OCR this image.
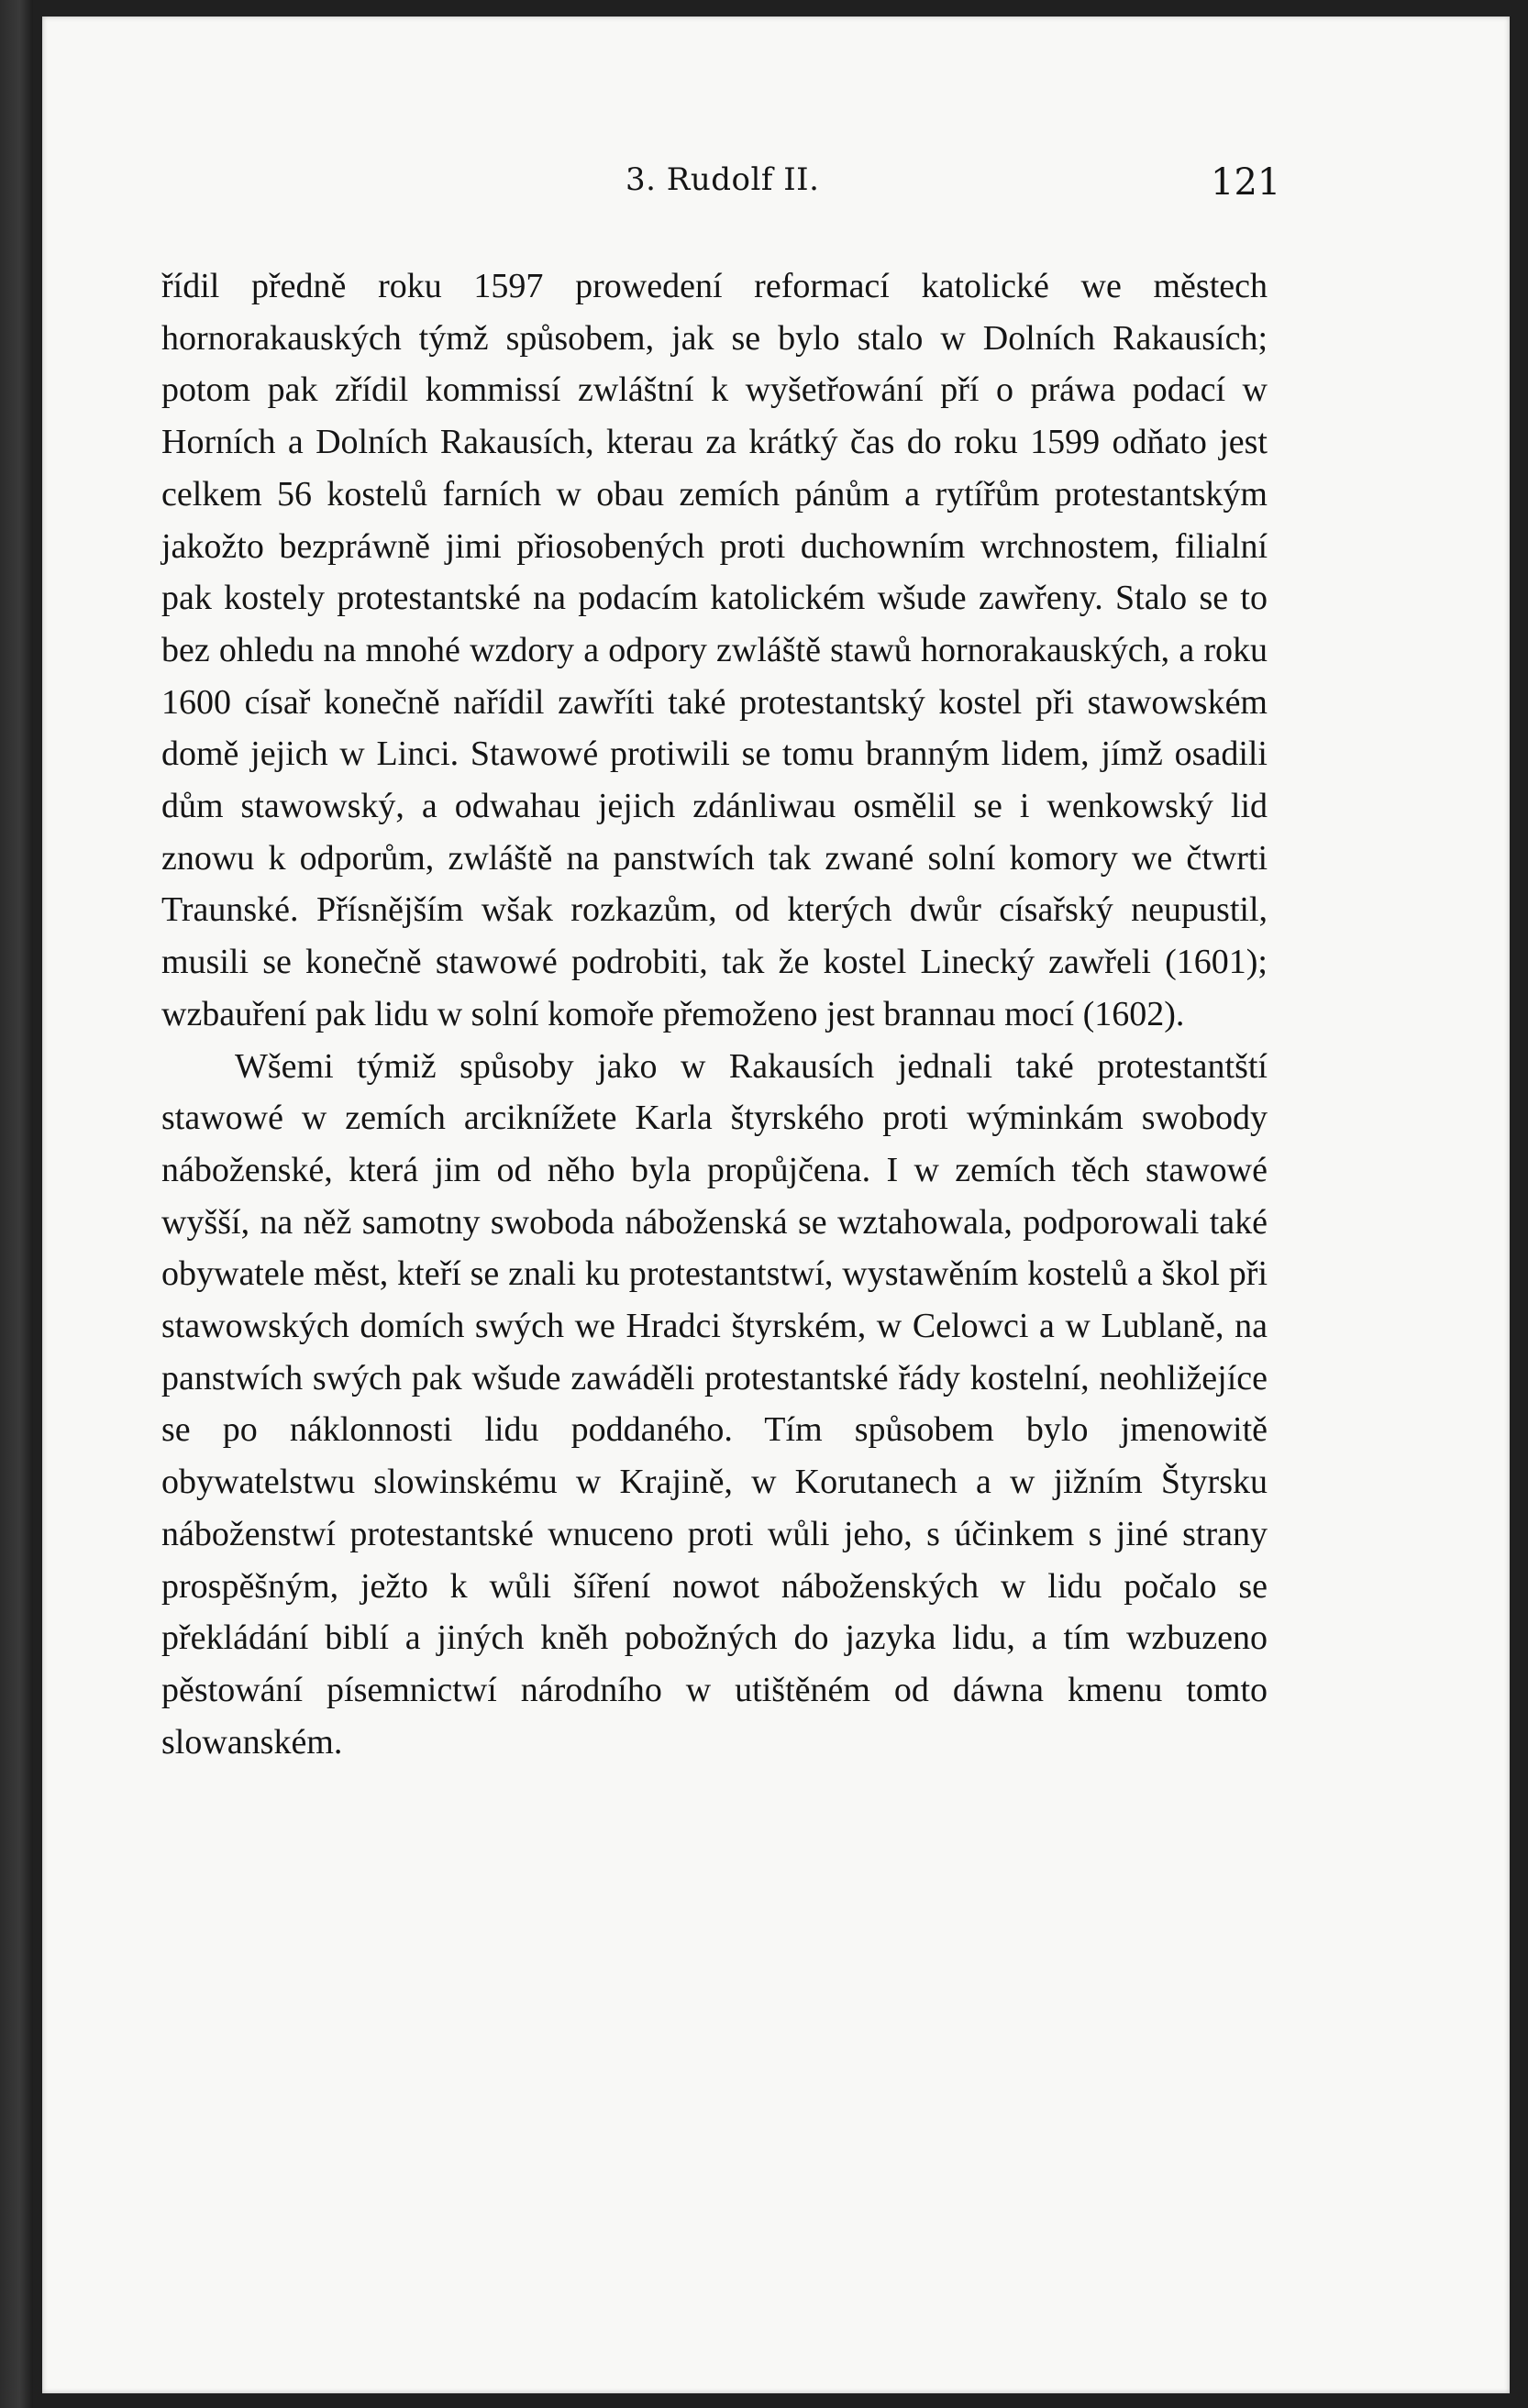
3. Rudolf II.	121

řídil předně roku 1597 prowedení reformací katolické we městech hornorakauských týmž spůsobem, jak se bylo stalo w Dolních Rakausích; potom pak zřídil kommissí zwláštní k wyšetřowání pří o práwa podací w Horních a Dolních Rakausích, kterau za krátký čas do roku 1599 odňato jest celkem 56 kostelů farních w obau zemích pánům a rytířům protestantským jakožto bezpráwně jimi přiosobených proti duchowním wrchnostem, filialní pak kostely protestantské na podacím katolickém wšude zawřeny. Stalo se to bez ohledu na mnohé wzdory a odpory zwláště stawů hornorakauských, a roku 1600 císař konečně nařídil zawříti také protestantský kostel při stawowském domě jejich w Linci. Stawowé protiwili se tomu branným lidem, jímž osadili dům stawowský, a odwahau jejich zdánliwau osmělil se i wenkowský lid znowu k odporům, zwláště na panstwích tak zwané solní komory we čtwrti Traunské. Přísnějším wšak rozkazům, od kterých dwůr císařský neupustil, musili se konečně stawowé podrobiti, tak že kostel Linecký zawřeli (1601); wzbauření pak lidu w solní komoře přemoženo jest brannau mocí (1602).

Wšemi týmiž spůsoby jako w Rakausích jednali také protestantští stawowé w zemích arciknížete Karla štyrského proti wýminkám swobody náboženské, která jim od něho byla propůjčena. I w zemích těch stawowé wyšší, na něž samotny swoboda náboženská se wztahowala, podporowali také obywatele měst, kteří se znali ku protestantstwí, wystawěním kostelů a škol při stawowských domích swých we Hradci štyrském, w Celowci a w Lublaně, na panstwích swých pak wšude zawáděli protestantské řády kostelní, neohližejíce se po náklonnosti lidu poddaného. Tím spůsobem bylo jmenowitě obywatelstwu slowinskému w Krajině, w Korutanech a w jižním Štyrsku náboženstwí protestantské wnuceno proti wůli jeho, s účinkem s jiné strany prospěšným, ježto k wůli šíření nowot náboženských w lidu počalo se překládání biblí a jiných kněh pobožných do jazyka lidu, a tím wzbuzeno pěstowání písemnictwí národního w utištěném od dáwna kmenu tomto slowanském.
